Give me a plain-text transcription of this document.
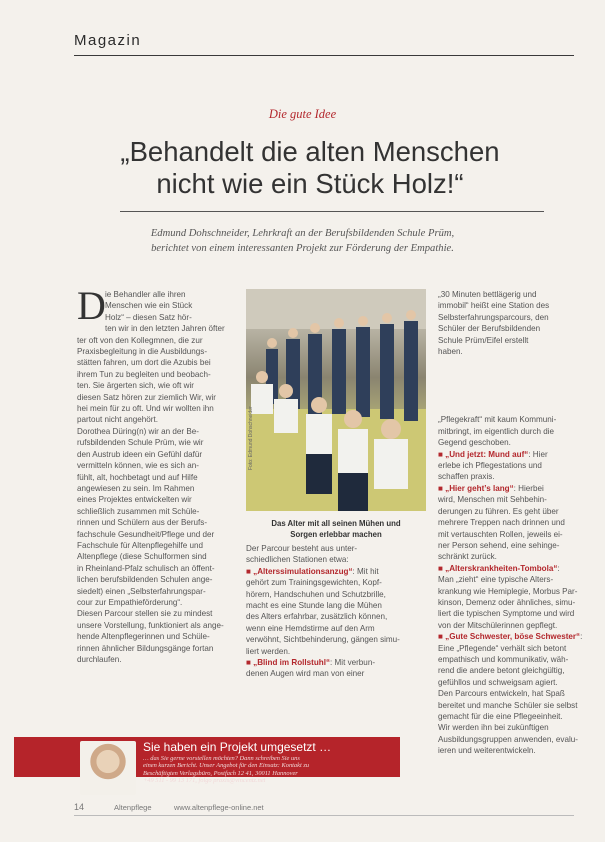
Magazin
Die gute Idee
„Behandelt die alten Menschen
nicht wie ein Stück Holz!“
Edmund Dohschneider, Lehrkraft an der Berufsbildenden Schule Prüm,
berichtet von einem interessanten Projekt zur Förderung der Empathie.
D ie Behandler alle ihren
Menschen wie ein Stück
Holz“ – diesen Satz hör-
ten wir in den letzten Jahren öfter
ter oft von den Kollegmnen, die zur
Praxisbegleitung in die Ausbildungs-
stätten fahren, um dort die Azubis bei
ihrem Tun zu begleiten und beobach-
ten. Sie ärgerten sich, wie oft wir
diesen Satz hören zur ziemlich Wir, wir
hei mein für zu oft. Und wir wollten ihn
partout nicht angehört.
Dorothea Düring(n) wir an der Be-
rufsbildenden Schule Prüm, wie wir
den Austrub ideen ein Gefühl dafür
vermitteln können, wie es sich an-
fühlt, alt, hochbetagt und auf Hilfe
angewiesen zu sein. Im Rahmen
eines Projektes entwickelten wir
schließlich zusammen mit Schüle-
rinnen und Schülern aus der Berufs-
fachschule Gesundheit/Pflege und der
Fachschule für Altenpflegehilfe und
Altenpflege (diese Schulformen sind
in Rheinland-Pfalz schulisch an öffent-
lichen berufsbildenden Schulen ange-
siedelt) einen „Selbsterfahrungspar-
cour zur Empathieförderung“.
Diesen Parcour stellen sie zu mindest
unsere Vorstellung, funktioniert als ange-
hende Altenpflegerinnen und Schüle-
rinnen ähnlicher Bildungsgänge fortan
durchlaufen.
Foto: Edmund Dohschneider
Das Alter mit all seinen Mühen und
Sorgen erlebbar machen
Der Parcour besteht aus unter-
schiedlichen Stationen etwa:
■ „Alterssimulationsanzug“: Mit hit
gehört zum Trainingsgewichten, Kopf-
hörern, Handschuhen und Schutzbrille,
macht es eine Stunde lang die Mühen
des Alters erfahrbar, zusätzlich können,
wenn eine Hemdstirme auf den Arm
verwöhnt, Sichtbehinderung, gängen simu-
liert werden.
■ „Blind im Rollstuhl“: Mit verbun-
denen Augen wird man von einer
„30 Minuten bettlägerig und
immobil“ heißt eine Station des
Selbsterfahrungsparcours, den
Schüler der Berufsbildenden
Schule Prüm/Eifel erstellt
haben.
„Pflegekraft“ mit kaum Kommuni-
mitbringt, im eigentlich durch die
Gegend geschoben.
■ „Und jetzt: Mund auf“: Hier
erlebe ich Pflegestations und
schaffen praxis.
■ „Hier geht’s lang“: Hierbei
wird, Menschen mit Sehbehin-
derungen zu führen. Es geht über
mehrere Treppen nach drinnen und
mit vertauschten Rollen, jeweils ei-
ner Person sehend, eine sehinge-
schränkt zurück.
■ „Alterskrankheiten-Tombola“:
Man „zieht“ eine typische Alters-
krankung wie Hemiplegie, Morbus Par-
kinson, Demenz oder ähnliches, simu-
liert die typischen Symptome und wird
von der Mitschülerinnen gepflegt.
■ „Gute Schwester, böse Schwester“:
Eine „Pflegende“ verhält sich betont
empathisch und kommunikativ, wäh-
rend die andere betont gleichgültig,
gefühllos und schweigsam agiert.
Den Parcours entwickeln, hat Spaß
bereitet und manche Schüler sie selbst
gemacht für die eine Pflegeeinheit.
Wir werden ihn bei zukünftigen
Ausbildungsgruppen anwenden, evalu-
ieren und weiterentwickeln.
Sie haben ein Projekt umgesetzt …
… das Sie gerne vorstellen möchten? Dann schreiben Sie uns
einen kurzen Bericht. Unser Angebot für den Einsatz: Kontakt zu
Beschäftigten Verlagsbüro, Postfach 12 41, 30011 Hannover
+49 511 - 99 13 171, folgo praxis@vincentz.net
14	Altenpflege	www.altenpflege-online.net
